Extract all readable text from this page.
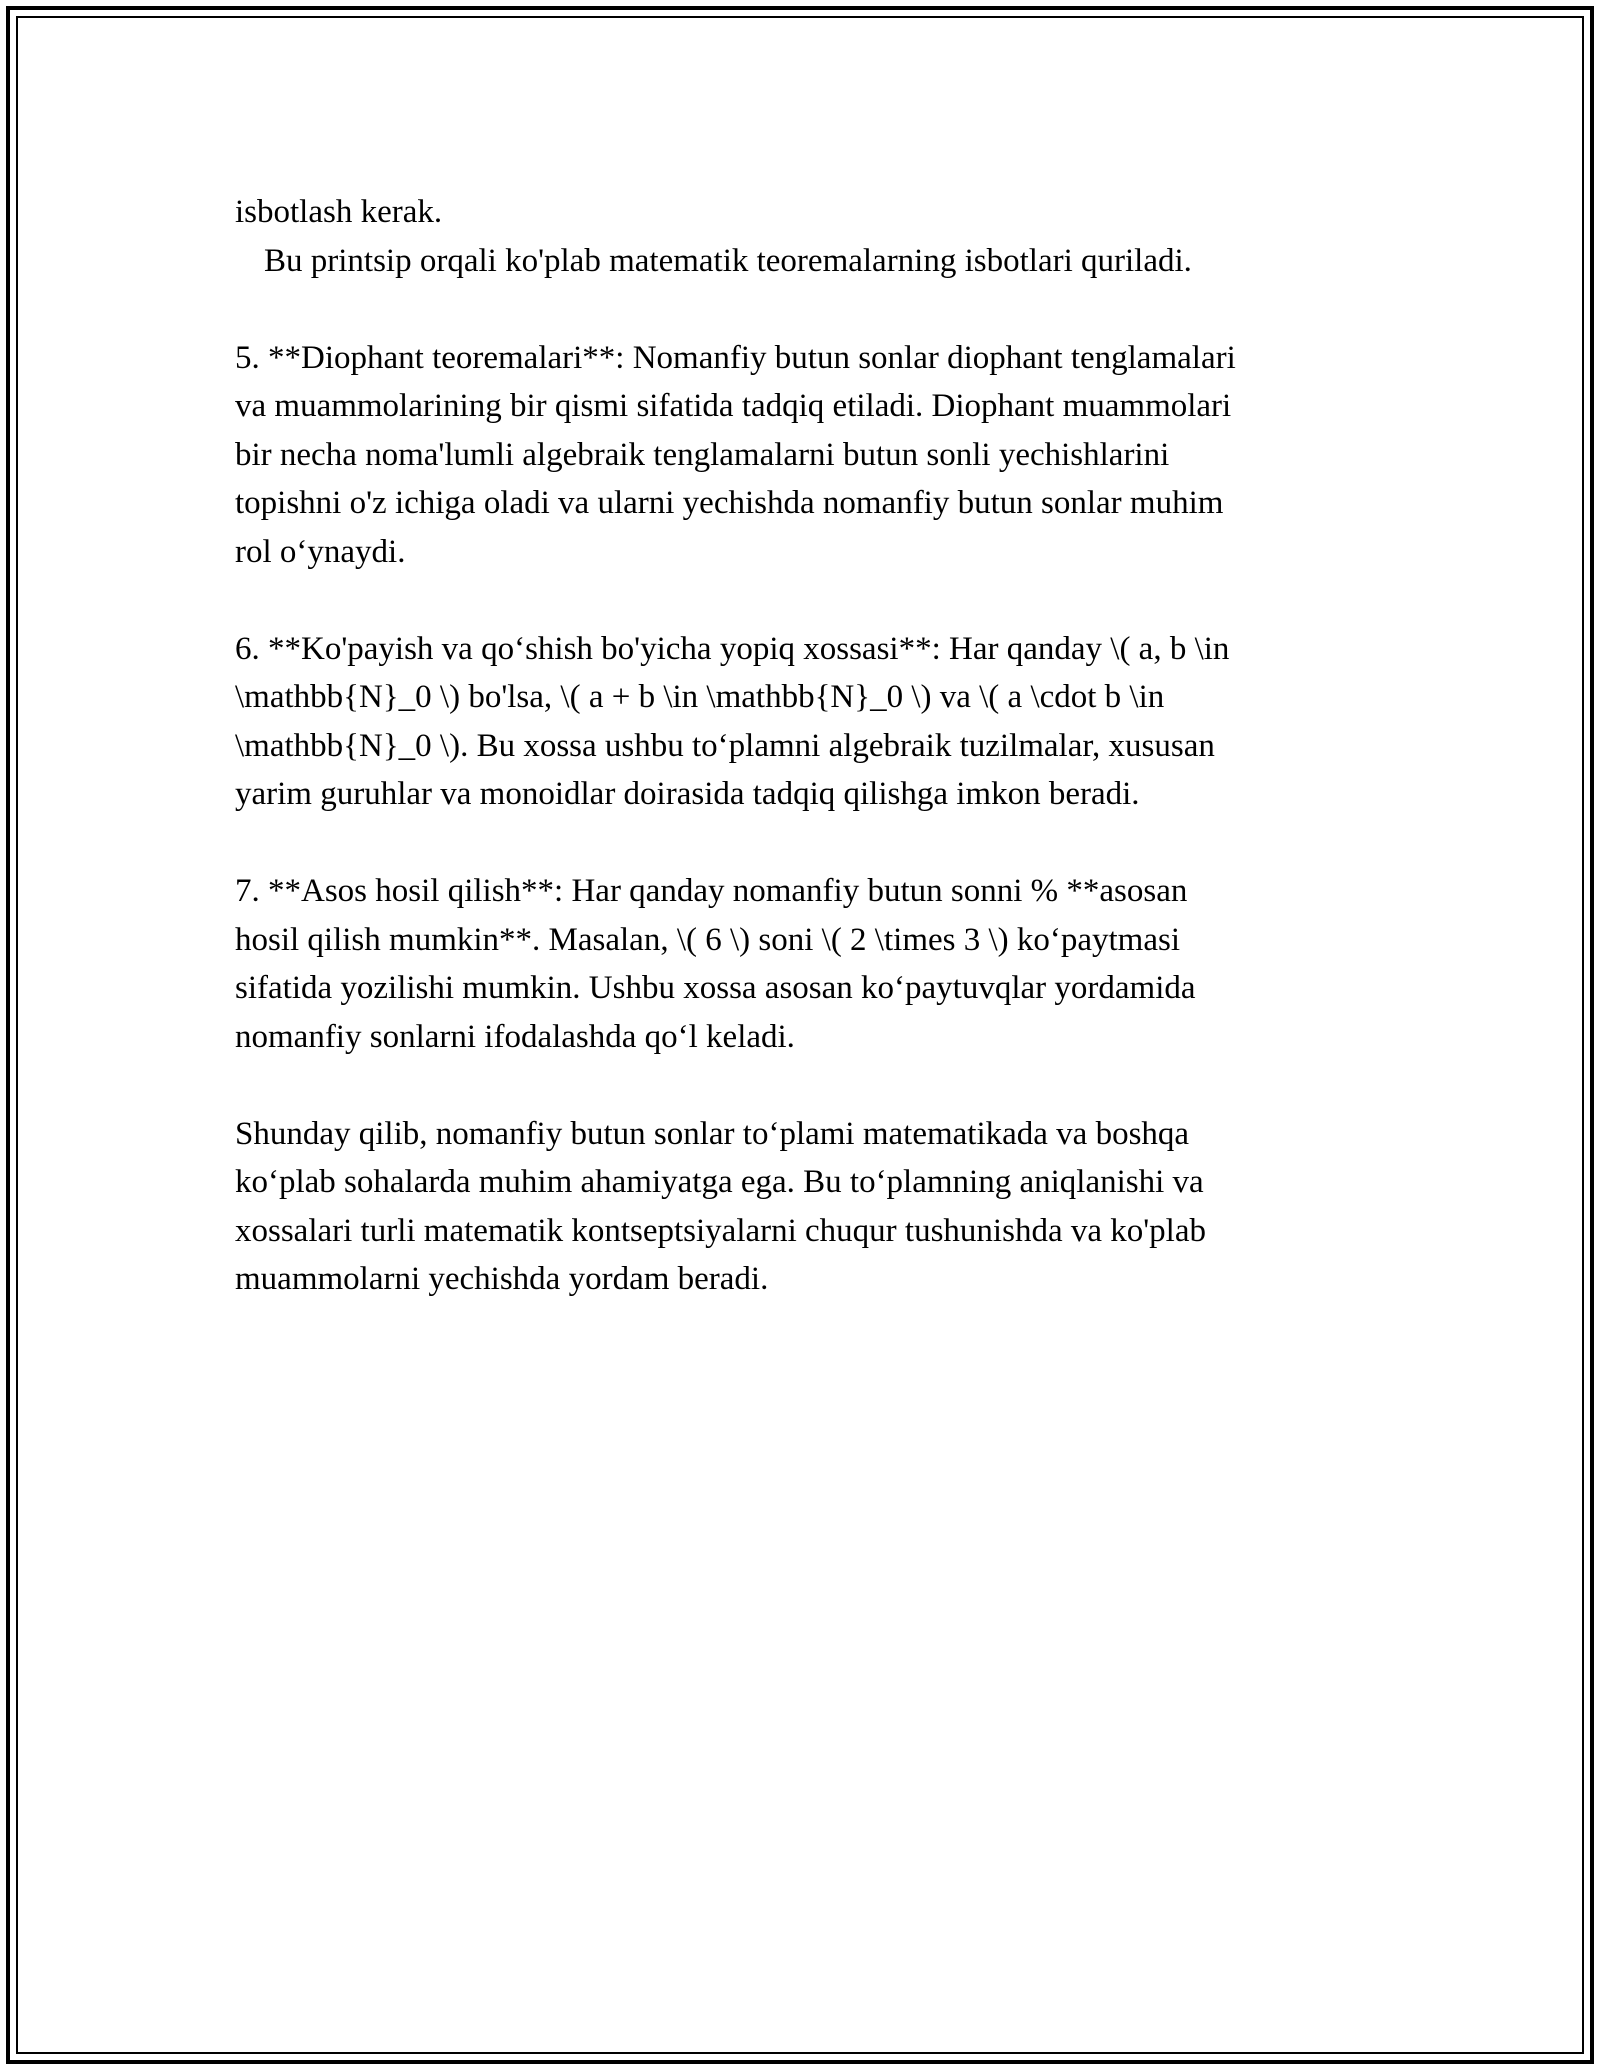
isbotlash kerak.
Bu printsip orqali ko'plab matematik teoremalarning isbotlari quriladi.
5. **Diophant teoremalari**: Nomanfiy butun sonlar diophant tenglamalari
va muammolarining bir qismi sifatida tadqiq etiladi. Diophant muammolari
bir necha noma'lumli algebraik tenglamalarni butun sonli yechishlarini
topishni o'z ichiga oladi va ularni yechishda nomanfiy butun sonlar muhim
rol o‘ynaydi.
6. **Ko'payish va qo‘shish bo'yicha yopiq xossasi**: Har qanday \( a, b \in
\mathbb{N}_0 \) bo'lsa, \( a + b \in \mathbb{N}_0 \) va \( a \cdot b \in
\mathbb{N}_0 \). Bu xossa ushbu to‘plamni algebraik tuzilmalar, xususan
yarim guruhlar va monoidlar doirasida tadqiq qilishga imkon beradi.
7. **Asos hosil qilish**: Har qanday nomanfiy butun sonni % **asosan
hosil qilish mumkin**. Masalan, \( 6 \) soni \( 2 \times 3 \) ko‘paytmasi
sifatida yozilishi mumkin. Ushbu xossa asosan ko‘paytuvqlar yordamida
nomanfiy sonlarni ifodalashda qo‘l keladi.
Shunday qilib, nomanfiy butun sonlar to‘plami matematikada va boshqa
ko‘plab sohalarda muhim ahamiyatga ega. Bu to‘plamning aniqlanishi va
xossalari turli matematik kontseptsiyalarni chuqur tushunishda va ko'plab
muammolarni yechishda yordam beradi.
